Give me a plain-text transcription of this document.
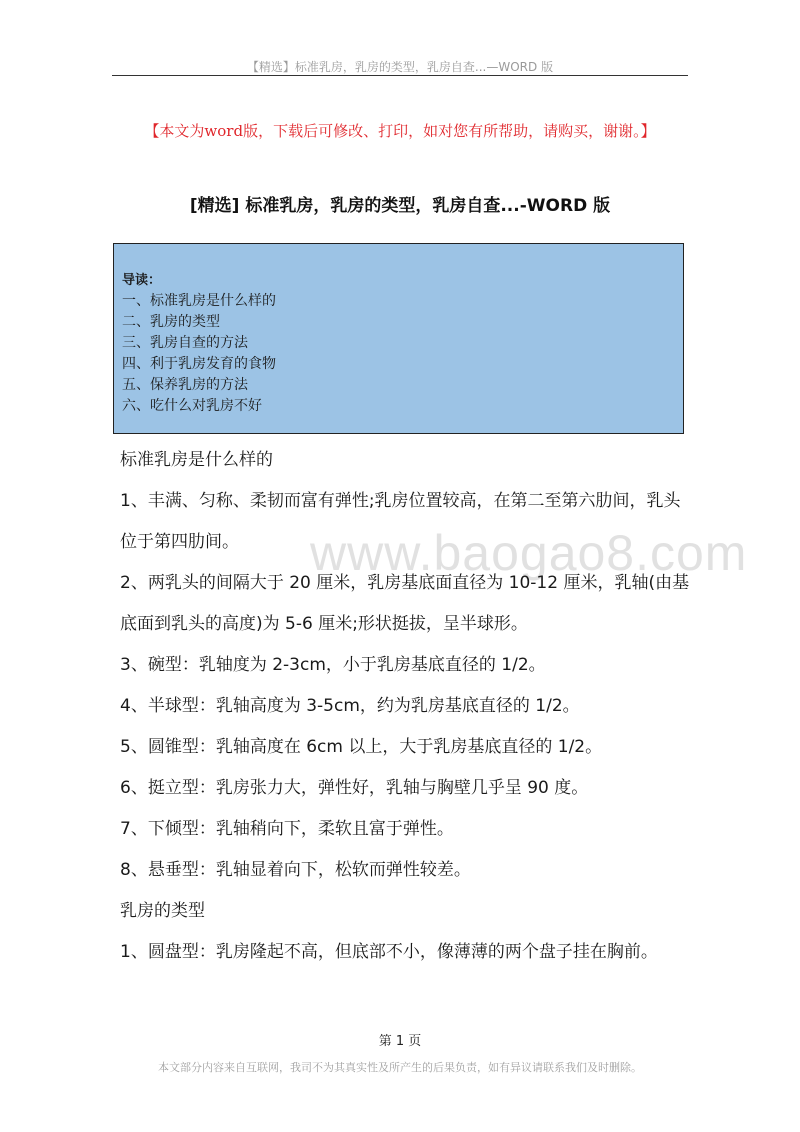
【精选】标准乳房，乳房的类型，乳房自查...—WORD 版
【本文为word版，下载后可修改、打印，如对您有所帮助，请购买，谢谢。】
[精选] 标准乳房，乳房的类型，乳房自查...-WORD 版
导读：
一、标准乳房是什么样的
二、乳房的类型
三、乳房自查的方法
四、利于乳房发育的食物
五、保养乳房的方法
六、吃什么对乳房不好
www.baogao8.com

标准乳房是什么样的

1、丰满、匀称、柔韧而富有弹性;乳房位置较高，在第二至第六肋间，乳头位于第四肋间。

2、两乳头的间隔大于 20 厘米，乳房基底面直径为 10-12 厘米，乳轴(由基底面到乳头的高度)为 5-6 厘米;形状挺拔，呈半球形。

3、碗型：乳轴度为 2-3cm，小于乳房基底直径的 1/2。

4、半球型：乳轴高度为 3-5cm，约为乳房基底直径的 1/2。

5、圆锥型：乳轴高度在 6cm 以上，大于乳房基底直径的 1/2。

6、挺立型：乳房张力大，弹性好，乳轴与胸壁几乎呈 90 度。

7、下倾型：乳轴稍向下，柔软且富于弹性。

8、悬垂型：乳轴显着向下，松软而弹性较差。

乳房的类型

1、圆盘型：乳房隆起不高，但底部不小，像薄薄的两个盘子挂在胸前。

第 1 页
本文部分内容来自互联网，我司不为其真实性及所产生的后果负责，如有异议请联系我们及时删除。
